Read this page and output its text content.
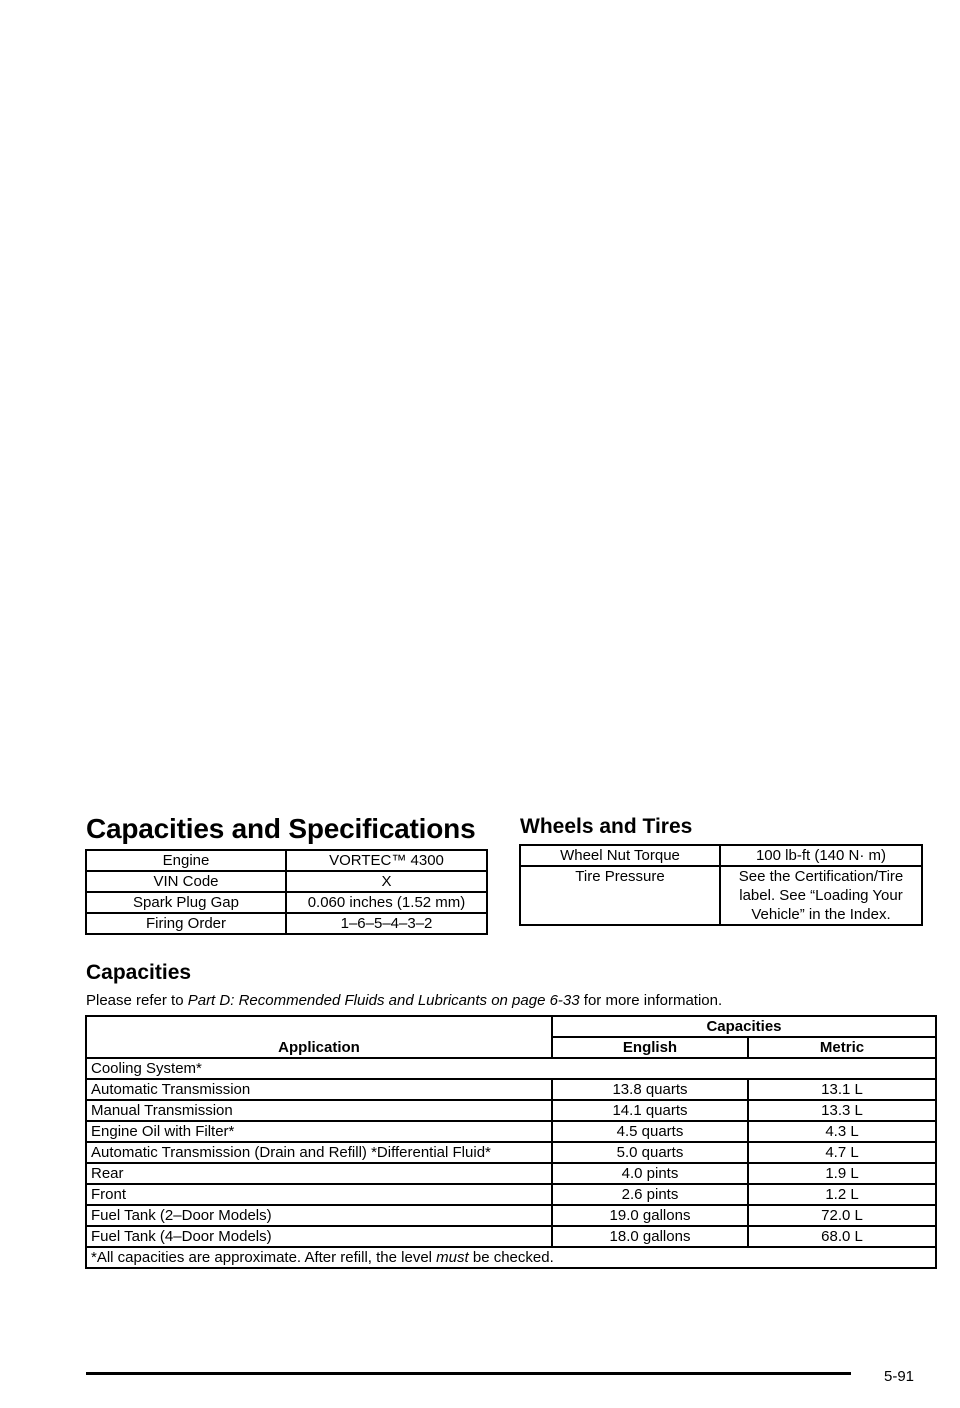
Capacities and Specifications
Engine	VORTEC™ 4300
VIN Code	X
Spark Plug Gap	0.060 inches (1.52 mm)
Firing Order	1–6–5–4–3–2
Wheels and Tires
Wheel Nut Torque	100 lb-ft (140 N· m)
Tire Pressure	See the Certification/Tire label. See “Loading Your Vehicle” in the Index.
Capacities
Please refer to Part D: Recommended Fluids and Lubricants on page 6-33 for more information.
Application	Capacities	
	English	Metric
Cooling System*		
Automatic Transmission	13.8 quarts	13.1 L
Manual Transmission	14.1 quarts	13.3 L
Engine Oil with Filter*	4.5 quarts	4.3 L
Automatic Transmission (Drain and Refill) *Differential Fluid*	5.0 quarts	4.7 L
Rear	4.0 pints	1.9 L
Front	2.6 pints	1.2 L
Fuel Tank (2–Door Models)	19.0 gallons	72.0 L
Fuel Tank (4–Door Models)	18.0 gallons	68.0 L
*All capacities are approximate. After refill, the level must be checked.		
5-91
